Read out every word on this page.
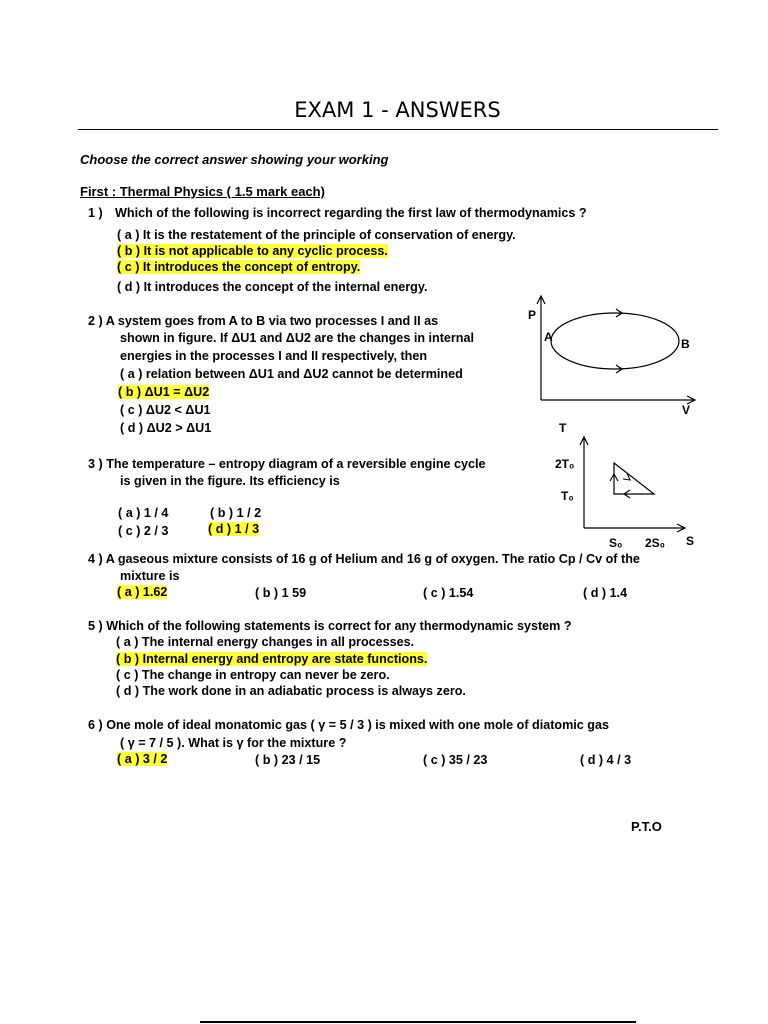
EXAM 1 - ANSWERS
Choose the correct answer showing your working
First : Thermal Physics ( 1.5 mark each)
1 ) Which of the following is incorrect regarding the first law of thermodynamics ?
( a ) It is the restatement of the principle of conservation of energy.
( b ) It is not applicable to any cyclic process.
( c ) It introduces the concept of entropy.
( d ) It introduces the concept of the internal energy.
2 ) A system goes from A to B via two processes I and II as
shown in figure. If ΔU1 and ΔU2 are the changes in internal
energies in the processes I and II respectively, then
( a ) relation between ΔU1 and ΔU2 cannot be determined
( b ) ΔU1 = ΔU2
( c ) ΔU2 < ΔU1
( d ) ΔU2 > ΔU1
P
V
A	B
3 ) The temperature – entropy diagram of a reversible engine cycle
is given in the figure. Its efficiency is
( a ) 1 / 4	( b ) 1 / 2
( c ) 2 / 3	( d ) 1 / 3
T
S
2T₀
T₀
S₀ 2S₀
4 ) A gaseous mixture consists of 16 g of Helium and 16 g of oxygen. The ratio Cp / Cv of the
mixture is
( a ) 1.62	( b ) 1 59	( c ) 1.54	( d ) 1.4
5 ) Which of the following statements is correct for any thermodynamic system ?
( a ) The internal energy changes in all processes.
( b ) Internal energy and entropy are state functions.
( c ) The change in entropy can never be zero.
( d ) The work done in an adiabatic process is always zero.
6 ) One mole of ideal monatomic gas ( γ = 5 / 3 ) is mixed with one mole of diatomic gas
( γ = 7 / 5 ). What is γ for the mixture ?
( a ) 3 / 2	( b ) 23 / 15	( c ) 35 / 23	( d ) 4 / 3
P.T.O
